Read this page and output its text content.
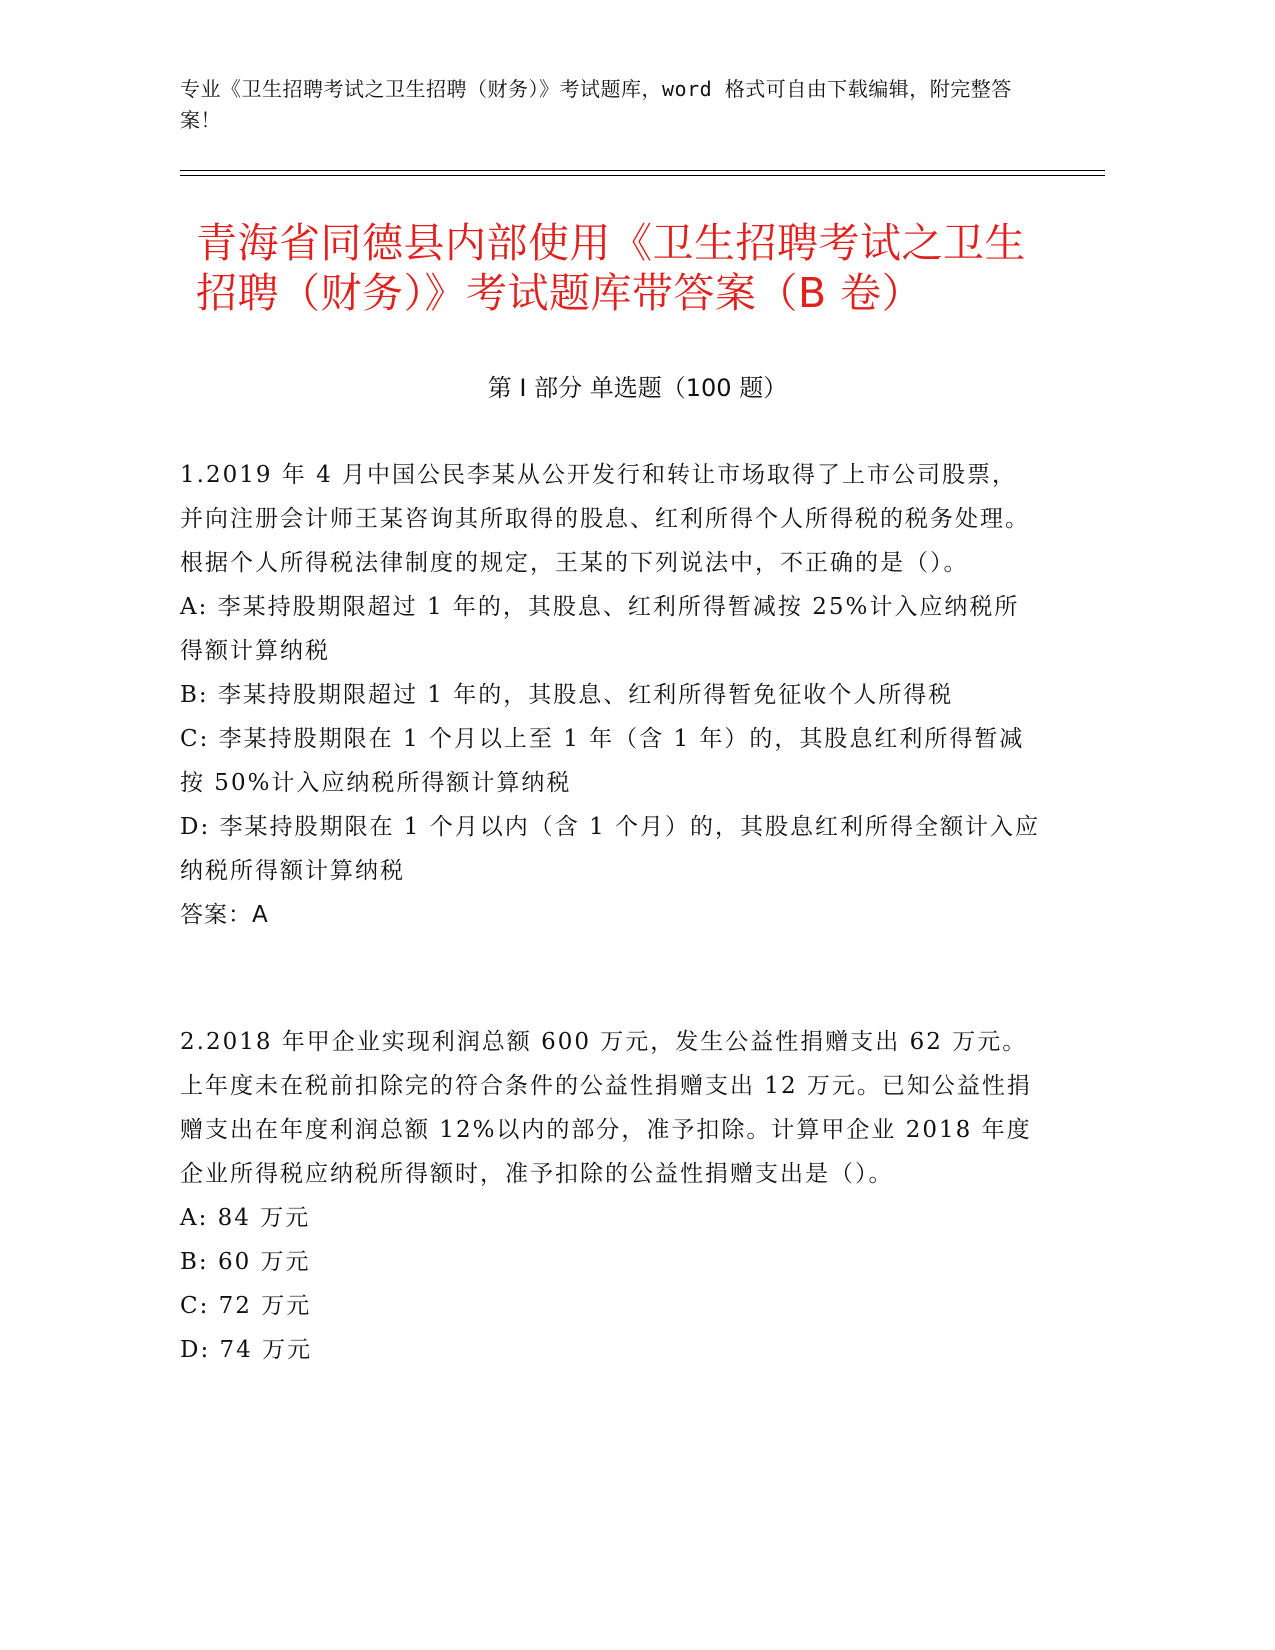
专业《卫生招聘考试之卫生招聘（财务）》考试题库，word 格式可自由下载编辑，附完整答案！
青海省同德县内部使用《卫生招聘考试之卫生招聘（财务）》考试题库带答案（B 卷）
第 I 部分 单选题（100 题）

1.2019 年 4 月中国公民李某从公开发行和转让市场取得了上市公司股票，并向注册会计师王某咨询其所取得的股息、红利所得个人所得税的税务处理。根据个人所得税法律制度的规定，王某的下列说法中，不正确的是（）。

A: 李某持股期限超过 1 年的，其股息、红利所得暂减按 25%计入应纳税所得额计算纳税

B: 李某持股期限超过 1 年的，其股息、红利所得暂免征收个人所得税

C: 李某持股期限在 1 个月以上至 1 年（含 1 年）的，其股息红利所得暂减按 50%计入应纳税所得额计算纳税

D: 李某持股期限在 1 个月以内（含 1 个月）的，其股息红利所得全额计入应纳税所得额计算纳税

答案：A

2.2018 年甲企业实现利润总额 600 万元，发生公益性捐赠支出 62 万元。上年度未在税前扣除完的符合条件的公益性捐赠支出 12 万元。已知公益性捐赠支出在年度利润总额 12%以内的部分，准予扣除。计算甲企业 2018 年度企业所得税应纳税所得额时，准予扣除的公益性捐赠支出是（）。

A: 84 万元

B: 60 万元

C: 72 万元

D: 74 万元
